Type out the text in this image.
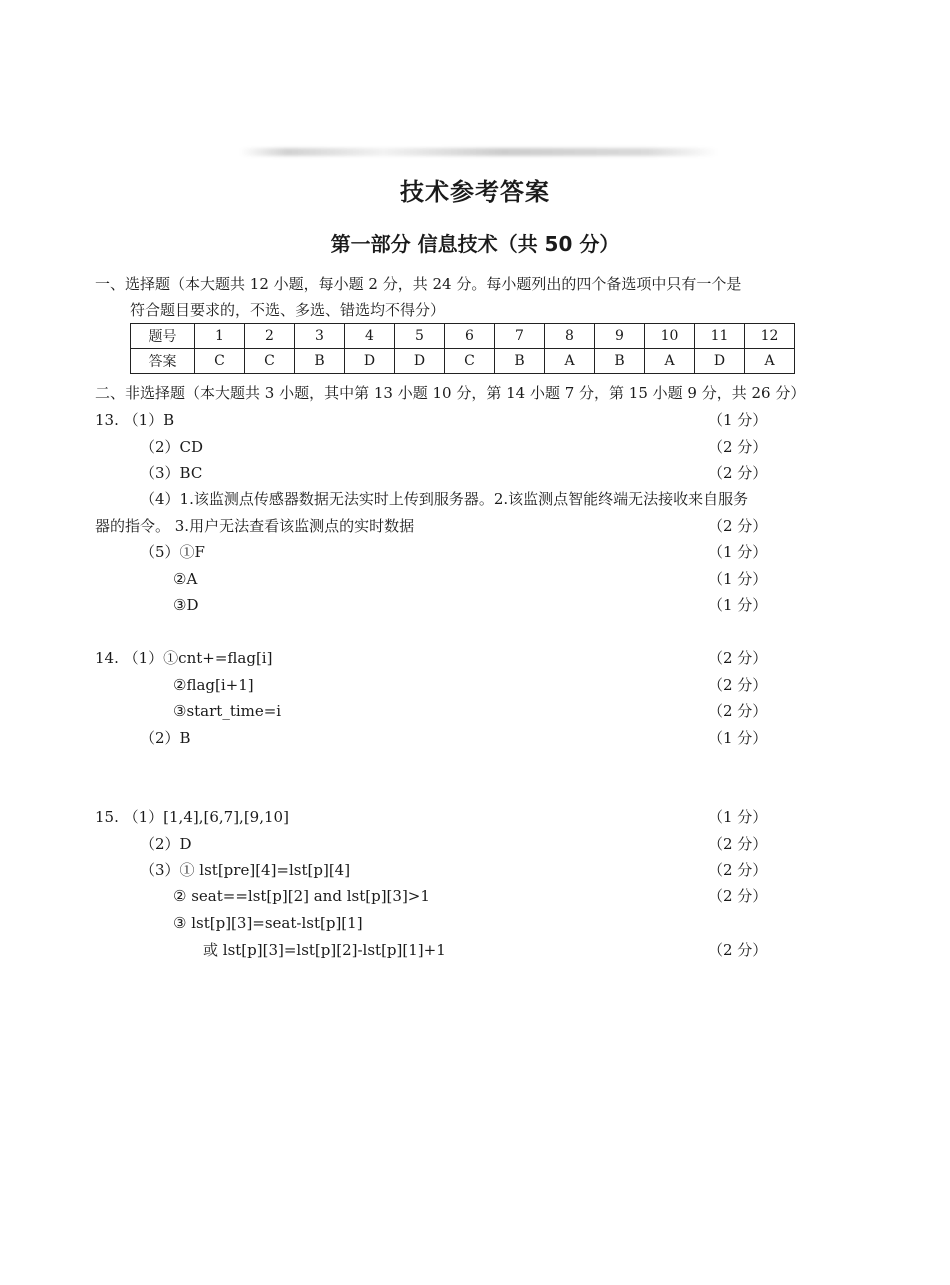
技术参考答案
第一部分 信息技术（共 50 分）
一、选择题（本大题共 12 小题，每小题 2 分，共 24 分。每小题列出的四个备选项中只有一个是
符合题目要求的，不选、多选、错选均不得分）
题号	1	2	3	4	5	6	7	8	9	10	11	12
答案	C	C	B	D	D	C	B	A	B	A	D	A
二、非选择题（本大题共 3 小题，其中第 13 小题 10 分，第 14 小题 7 分，第 15 小题 9 分，共 26 分）
13. （1）B	（1 分）
（2）CD	（2 分）
（3）BC	（2 分）
（4）1.该监测点传感器数据无法实时上传到服务器。2.该监测点智能终端无法接收来自服务
器的指令。 3.用户无法查看该监测点的实时数据	（2 分）
（5）①F	（1 分）
②A	（1 分）
③D	（1 分）
14. （1）①cnt+=flag[i]	（2 分）
②flag[i+1]	（2 分）
③start_time=i	（2 分）
（2）B	（1 分）
15. （1）[1,4],[6,7],[9,10]	（1 分）
（2）D	（2 分）
（3）① lst[pre][4]=lst[p][4]	（2 分）
② seat==lst[p][2] and lst[p][3]>1	（2 分）
③ lst[p][3]=seat-lst[p][1]
或 lst[p][3]=lst[p][2]-lst[p][1]+1	（2 分）
